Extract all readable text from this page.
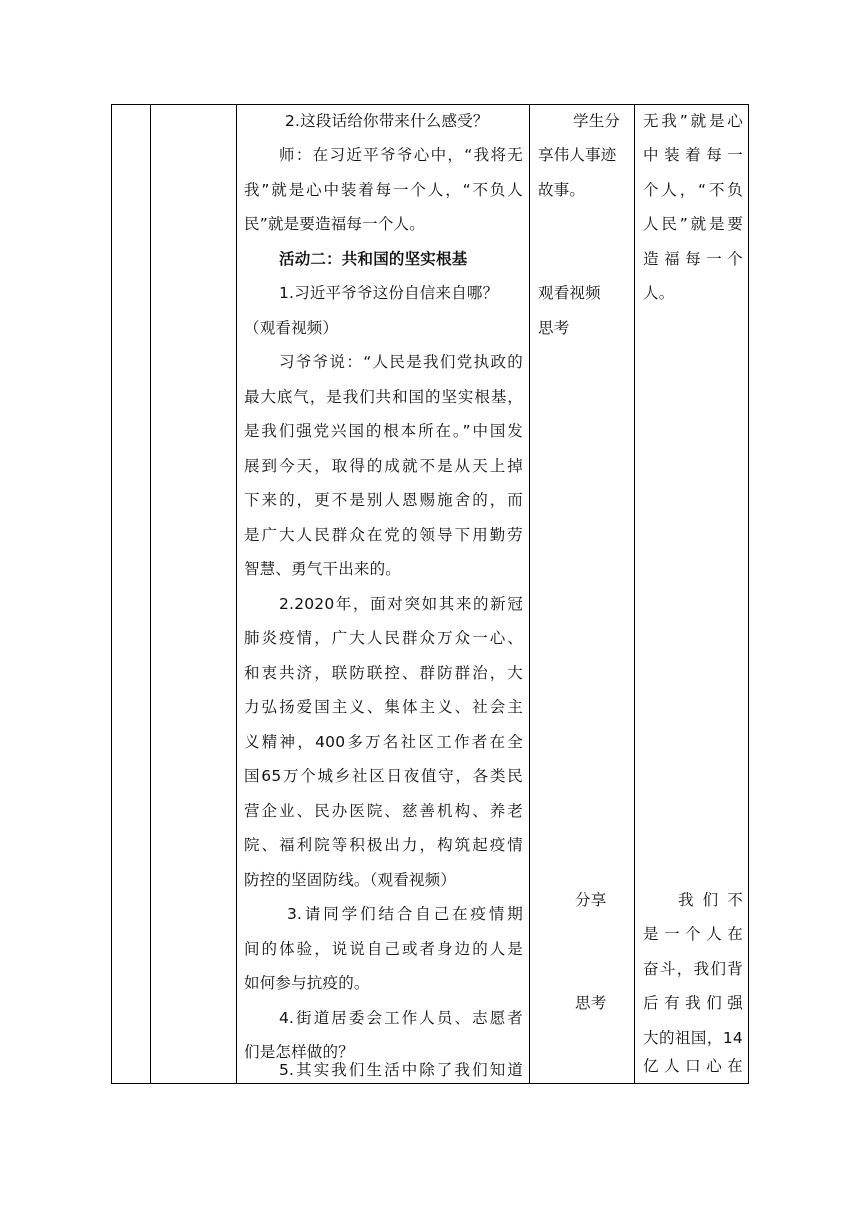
2.这段话给你带来什么感受？
师：在习近平爷爷心中，“我将无
我”就是心中装着每一个人，“不负人
民”就是要造福每一个人。
活动二：共和国的坚实根基
1.习近平爷爷这份自信来自哪？
（观看视频）
习爷爷说：“人民是我们党执政的
最大底气，是我们共和国的坚实根基，
是我们强党兴国的根本所在。”中国发
展到今天，取得的成就不是从天上掉
下来的，更不是别人恩赐施舍的，而
是广大人民群众在党的领导下用勤劳
智慧、勇气干出来的。
2.2020年，面对突如其来的新冠
肺炎疫情，广大人民群众万众一心、
和衷共济，联防联控、群防群治，大
力弘扬爱国主义、集体主义、社会主
义精神，400多万名社区工作者在全
国65万个城乡社区日夜值守，各类民
营企业、民办医院、慈善机构、养老
院、福利院等积极出力，构筑起疫情
防控的坚固防线。（观看视频）
3.请同学们结合自己在疫情期
间的体验，说说自己或者身边的人是
如何参与抗疫的。
4.街道居委会工作人员、志愿者
们是怎样做的？
5.其实我们生活中除了我们知道
学生分
享伟人事迹
故事。
观看视频
思考
分享
思考
无我”就是心
中装着每一
个人，“不负
人民”就是要
造福每一个
人。
我们不
是一个人在
奋斗，我们背
后有我们强
大的祖国，14
亿人口心在
